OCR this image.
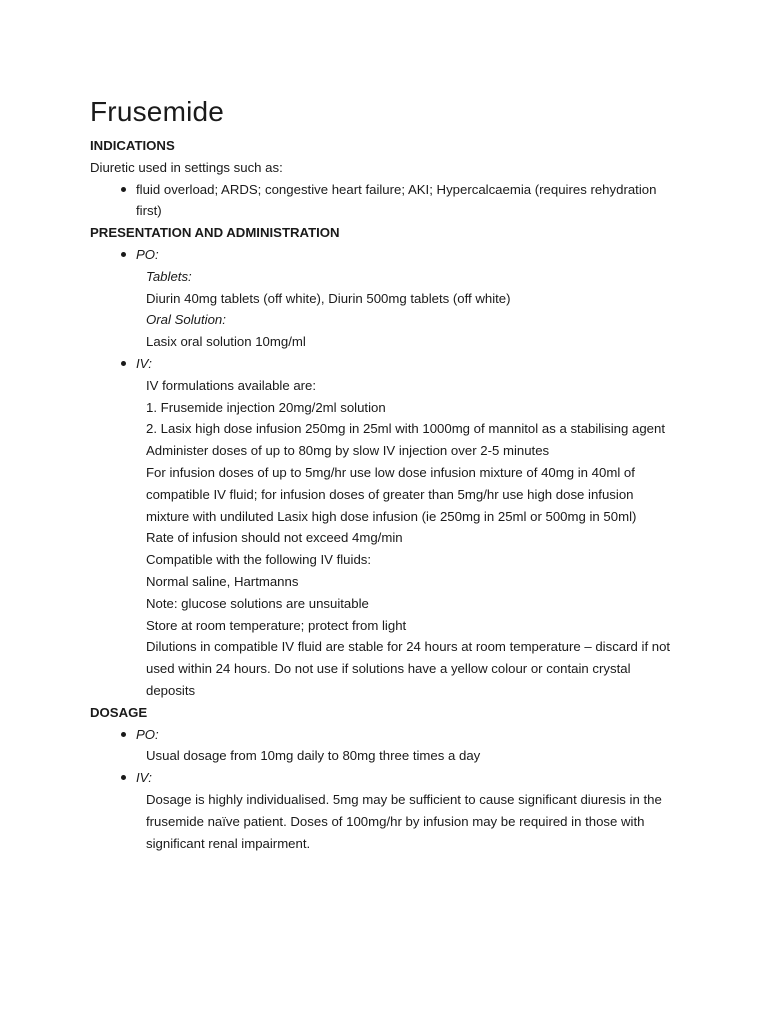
Frusemide

INDICATIONS

Diuretic used in settings such as:

fluid overload; ARDS; congestive heart failure; AKI; Hypercalcaemia (requires rehydration first)

PRESENTATION AND ADMINISTRATION

PO:
Tablets:
Diurin 40mg tablets (off white), Diurin 500mg tablets (off white)
Oral Solution:
Lasix oral solution 10mg/ml
IV:
IV formulations available are:
1. Frusemide injection 20mg/2ml solution
2. Lasix high dose infusion 250mg in 25ml with 1000mg of mannitol as a stabilising agent
Administer doses of up to 80mg by slow IV injection over 2-5 minutes
For infusion doses of up to 5mg/hr use low dose infusion mixture of 40mg in 40ml of compatible IV fluid; for infusion doses of greater than 5mg/hr use high dose infusion mixture with undiluted Lasix high dose infusion (ie 250mg in 25ml or 500mg in 50ml)
Rate of infusion should not exceed 4mg/min
Compatible with the following IV fluids:
Normal saline, Hartmanns
Note: glucose solutions are unsuitable
Store at room temperature; protect from light
Dilutions in compatible IV fluid are stable for 24 hours at room temperature – discard if not used within 24 hours. Do not use if solutions have a yellow colour or contain crystal deposits

DOSAGE

PO:
Usual dosage from 10mg daily to 80mg three times a day
IV:
Dosage is highly individualised. 5mg may be sufficient to cause significant diuresis in the frusemide naïve patient. Doses of 100mg/hr by infusion may be required in those with significant renal impairment.
